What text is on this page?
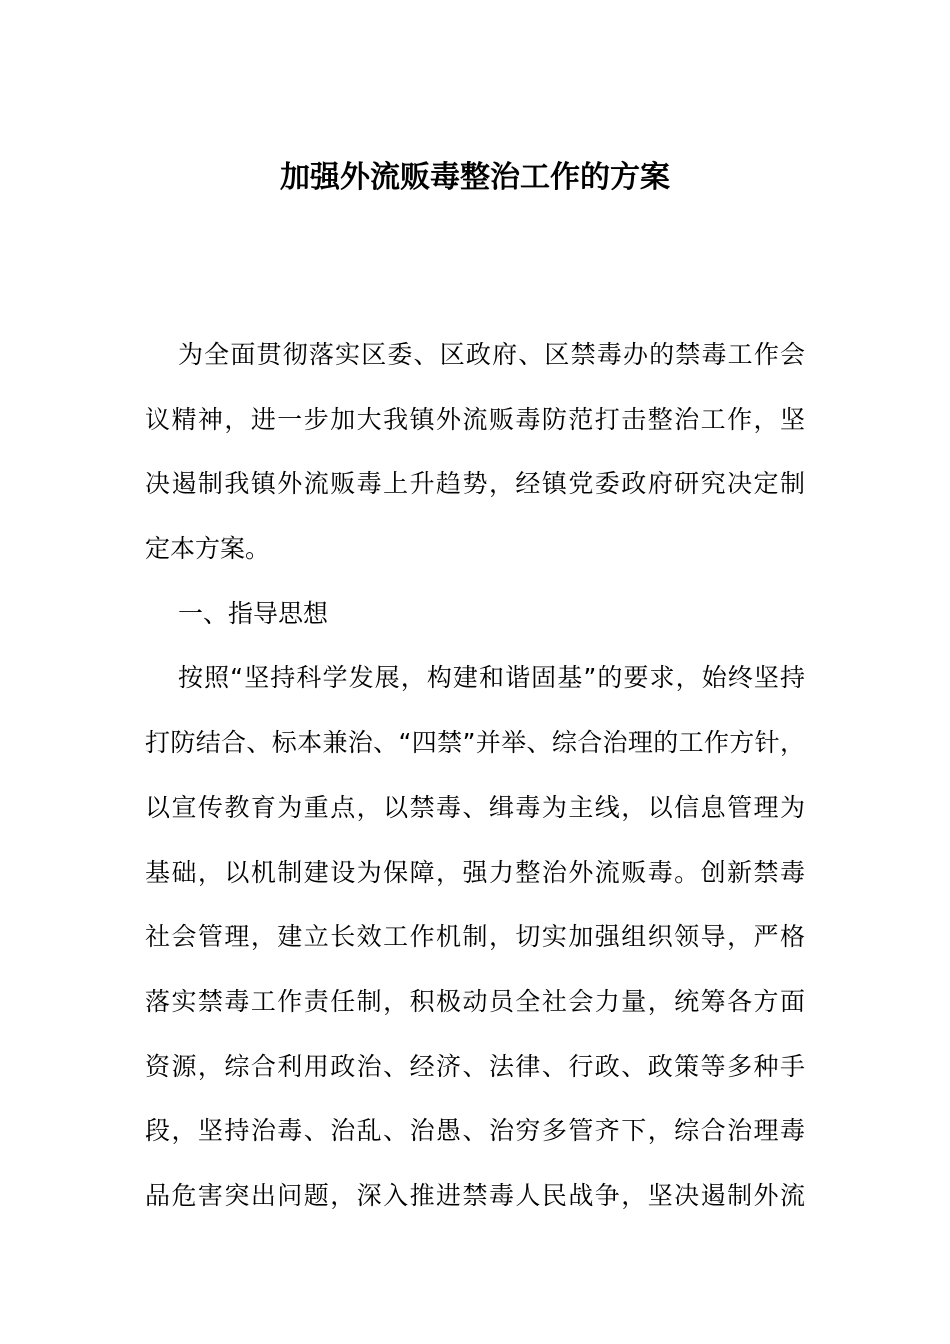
加强外流贩毒整治工作的方案
为全面贯彻落实区委、区政府、区禁毒办的禁毒工作会
议精神，进一步加大我镇外流贩毒防范打击整治工作，坚
决遏制我镇外流贩毒上升趋势，经镇党委政府研究决定制
定本方案。
一、指导思想
按照“坚持科学发展，构建和谐固基”的要求，始终坚持
打防结合、标本兼治、“四禁”并举、综合治理的工作方针，
以宣传教育为重点，以禁毒、缉毒为主线，以信息管理为
基础，以机制建设为保障，强力整治外流贩毒。创新禁毒
社会管理，建立长效工作机制，切实加强组织领导，严格
落实禁毒工作责任制，积极动员全社会力量，统筹各方面
资源，综合利用政治、经济、法律、行政、政策等多种手
段，坚持治毒、治乱、治愚、治穷多管齐下，综合治理毒
品危害突出问题，深入推进禁毒人民战争，坚决遏制外流
